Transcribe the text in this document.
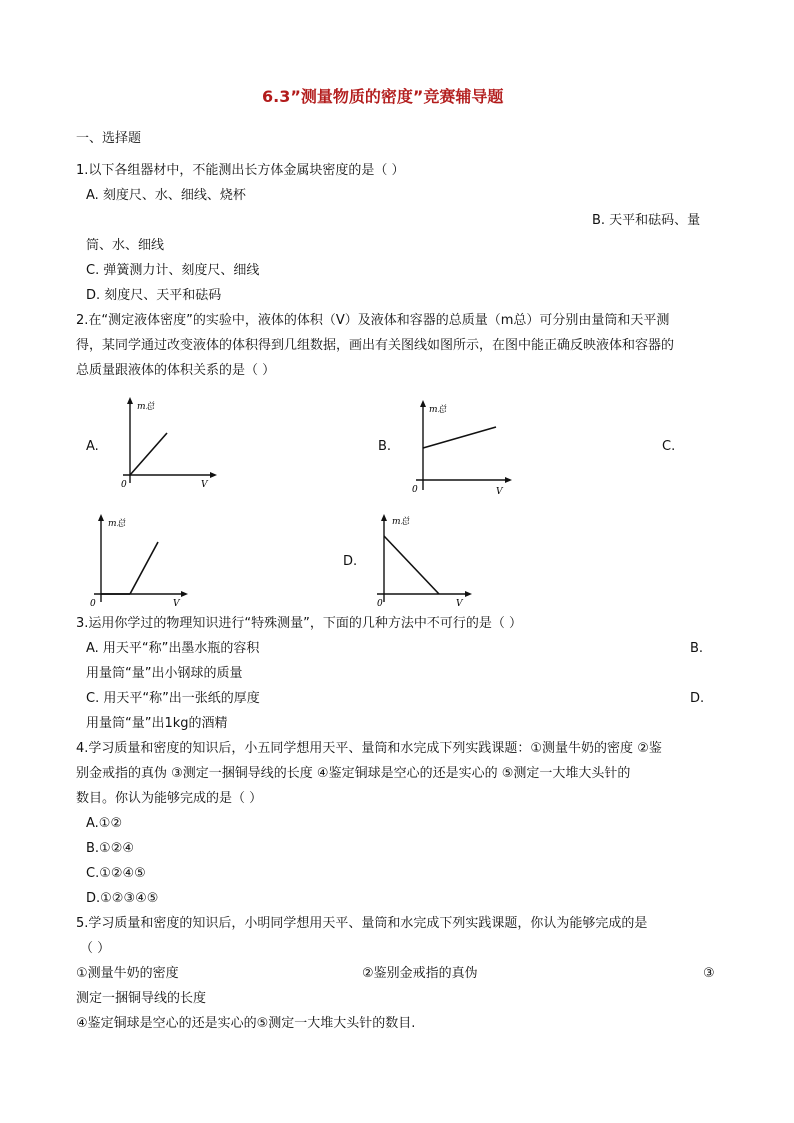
6.3”测量物质的密度”竞赛辅导题
一、选择题
1.以下各组器材中，不能测出长方体金属块密度的是（ ）
A. 刻度尺、水、细线、烧杯
B. 天平和砝码、量
筒、水、细线
C. 弹簧测力计、刻度尺、细线
D. 刻度尺、天平和砝码
2.在“测定液体密度”的实验中，液体的体积（V）及液体和容器的总质量（m总）可分别由量筒和天平测
得，某同学通过改变液体的体积得到几组数据，画出有关图线如图所示，在图中能正确反映液体和容器的
总质量跟液体的体积关系的是（ ）
A.
0
m总
V
B.
0
m总
V
C.
0
m总
V
D.
0
m总
V
3.运用你学过的物理知识进行“特殊测量”，下面的几种方法中不可行的是（ ）
A. 用天平“称”出墨水瓶的容积	B.
用量筒“量”出小钢球的质量
C. 用天平“称”出一张纸的厚度	D.
用量筒“量”出1kg的酒精
4.学习质量和密度的知识后，小五同学想用天平、量筒和水完成下列实践课题：①测量牛奶的密度 ②鉴
别金戒指的真伪 ③测定一捆铜导线的长度 ④鉴定铜球是空心的还是实心的 ⑤测定一大堆大头针的
数目。你认为能够完成的是（ ）
A.①②
B.①②④
C.①②④⑤
D.①②③④⑤
5.学习质量和密度的知识后，小明同学想用天平、量筒和水完成下列实践课题，你认为能够完成的是
（ ）
①测量牛奶的密度	②鉴别金戒指的真伪	③
测定一捆铜导线的长度
④鉴定铜球是空心的还是实心的⑤测定一大堆大头针的数目.
